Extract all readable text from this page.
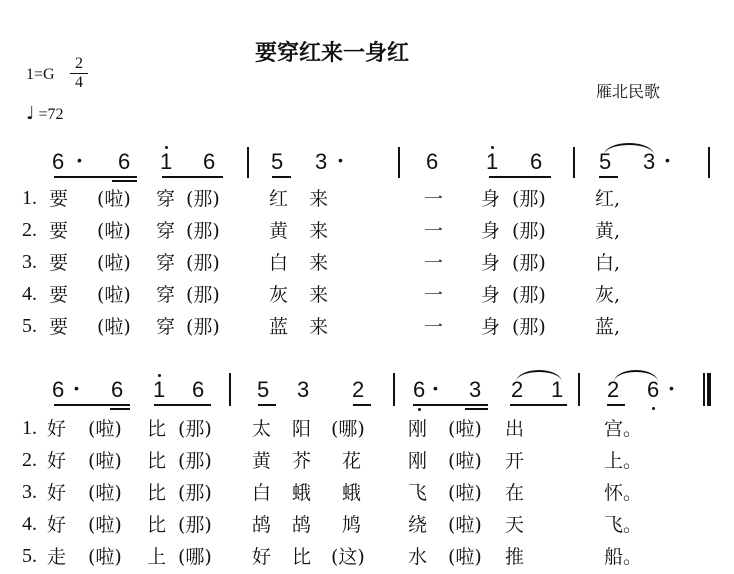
要穿红来一身红
$1=G \frac{2}{4}$
♩ =72
雁北民歌
6 • 6 1 6	5 3 •	6 1 6	5 3 •
1. 要 (啦) 穿 (那)	红 来	一 身 (那)	红,
2. 要 (啦) 穿 (那)	黄 来	一 身 (那)	黄,
3. 要 (啦) 穿 (那)	白 来	一 身 (那)	白,
4. 要 (啦) 穿 (那)	灰 来	一 身 (那)	灰,
5. 要 (啦) 穿 (那)	蓝 来	一 身 (那)	蓝,
6 • 6 1 6 5 3 2 6 • 3 2 1 2 6 •
1. 好 (啦) 比 (那) 太 阳 (哪) 刚 (啦) 出	宫。
2. 好 (啦) 比 (那) 黄 芥 花 刚 (啦) 开	上。
3. 好 (啦) 比 (那) 白 蛾 蛾 飞 (啦) 在	怀。
4. 好 (啦) 比 (那) 鸪 鸪 鸠 绕 (啦) 天	飞。
5. 走 (啦) 上 (哪) 好 比 (这) 水 (啦) 推	船。
